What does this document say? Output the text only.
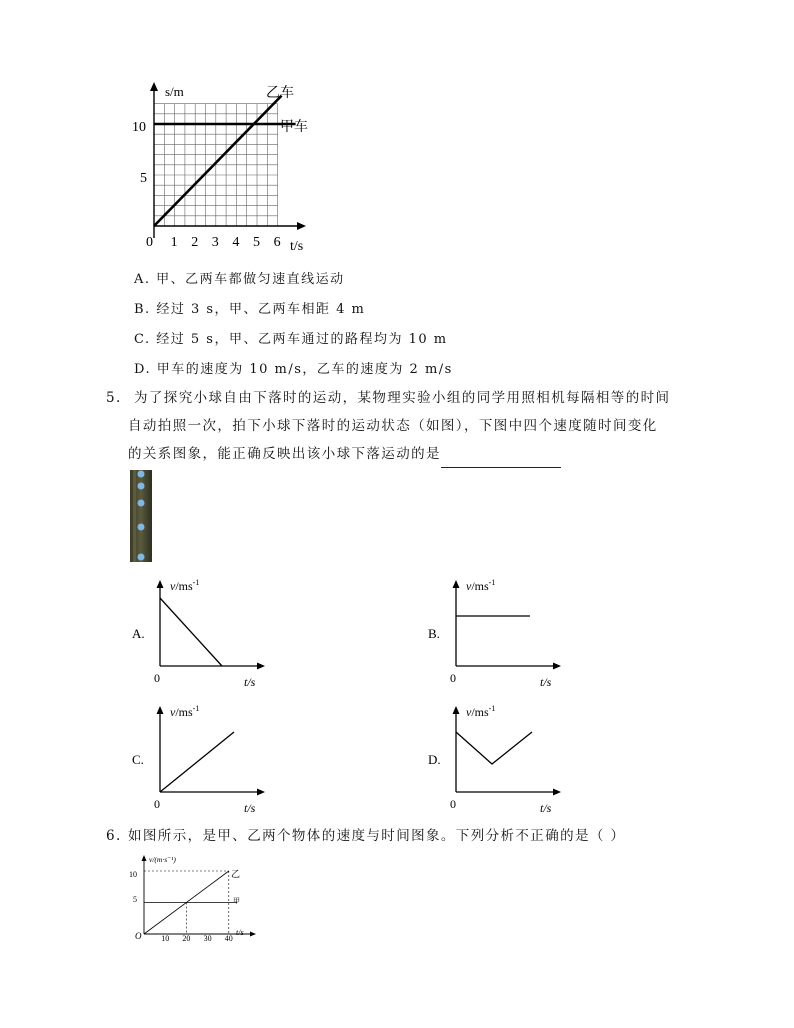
s/m
t/s
10
5
0 1 2 3 4 5 6
乙车
甲车
A. 甲、乙两车都做匀速直线运动
B. 经过 3 s，甲、乙两车相距 4 m
C. 经过 5 s，甲、乙两车通过的路程均为 10 m
D. 甲车的速度为 10 m/s，乙车的速度为 2 m/s
5. 为了探究小球自由下落时的运动，某物理实验小组的同学用照相机每隔相等的时间
自动拍照一次，拍下小球下落时的运动状态（如图），下图中四个速度随时间变化
的关系图象，能正确反映出该小球下落运动的是
A.
$v/ms^{-1}$
0	t/s
B.
$v/ms^{-1}$
0	t/s
C.
$v/ms^{-1}$
0	t/s
D.
$v/ms^{-1}$
0	t/s
6. 如图所示，是甲、乙两个物体的速度与时间图象。下列分析不正确的是（ ）
v/(m·s⁻¹)
t/s
O
10
5
10 20 30 40
乙
甲
